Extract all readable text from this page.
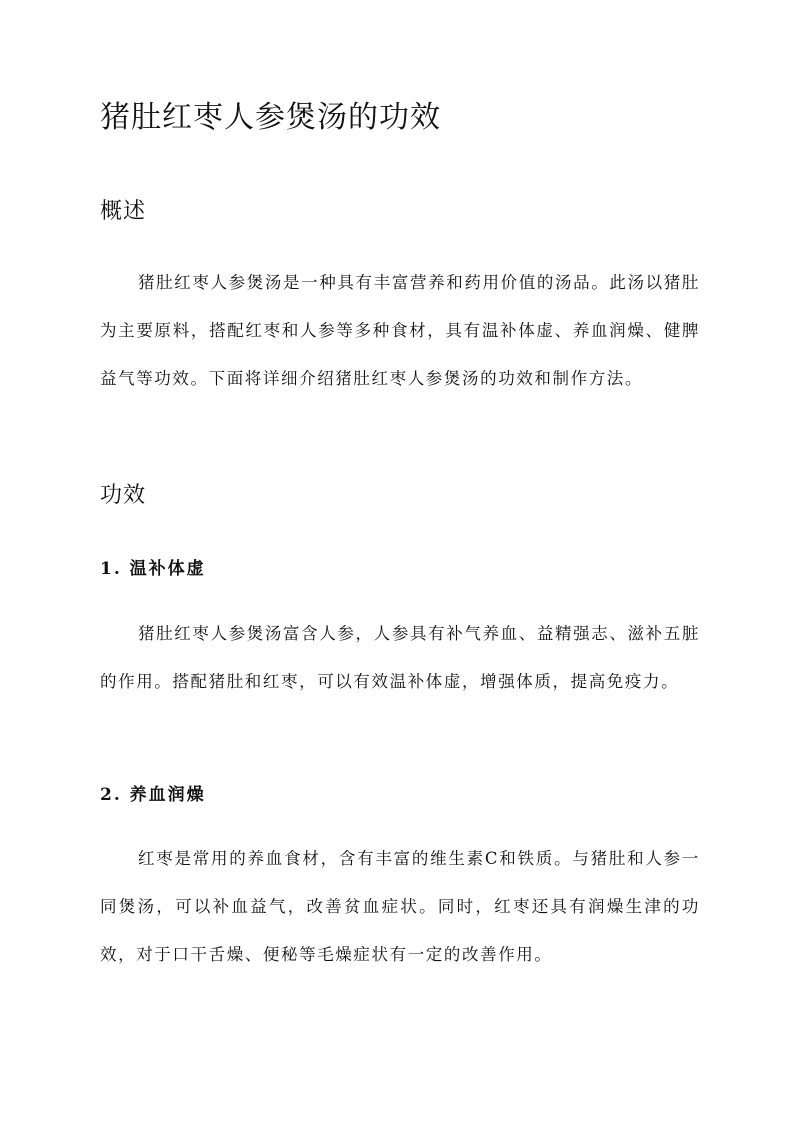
猪肚红枣人参煲汤的功效
概述

猪肚红枣人参煲汤是一种具有丰富营养和药用价值的汤品。此汤以猪肚为主要原料，搭配红枣和人参等多种食材，具有温补体虚、养血润燥、健脾益气等功效。下面将详细介绍猪肚红枣人参煲汤的功效和制作方法。

功效
1. 温补体虚

猪肚红枣人参煲汤富含人参，人参具有补气养血、益精强志、滋补五脏的作用。搭配猪肚和红枣，可以有效温补体虚，增强体质，提高免疫力。

2. 养血润燥

红枣是常用的养血食材，含有丰富的维生素C和铁质。与猪肚和人参一同煲汤，可以补血益气，改善贫血症状。同时，红枣还具有润燥生津的功效，对于口干舌燥、便秘等毛燥症状有一定的改善作用。
